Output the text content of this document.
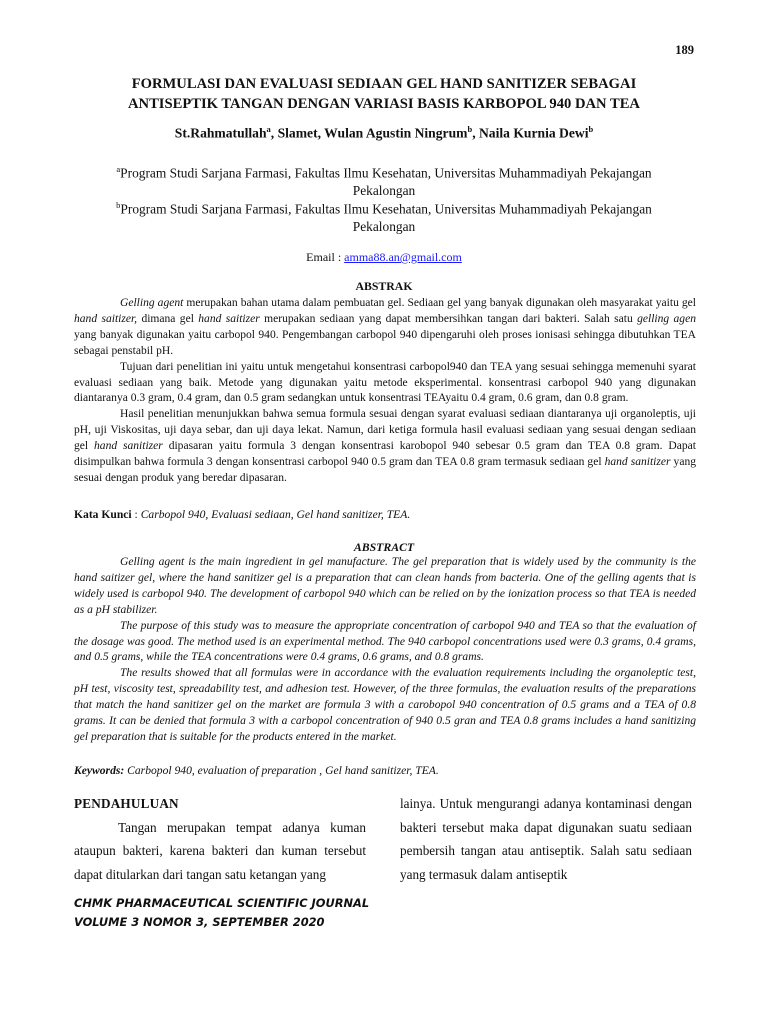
189
FORMULASI DAN EVALUASI SEDIAAN GEL HAND SANITIZER SEBAGAI
ANTISEPTIK TANGAN DENGAN VARIASI BASIS KARBOPOL 940 DAN TEA
St.Rahmatullah$^a$, Slamet, Wulan Agustin Ningrum$^b$, Naila Kurnia Dewi$^b$
$^a$Program Studi Sarjana Farmasi, Fakultas Ilmu Kesehatan, Universitas Muhammadiyah Pekajangan
Pekalongan
$^b$Program Studi Sarjana Farmasi, Fakultas Ilmu Kesehatan, Universitas Muhammadiyah Pekajangan
Pekalongan
Email : amma88.an@gmail.com
ABSTRAK

Gelling agent merupakan bahan utama dalam pembuatan gel. Sediaan gel yang banyak digunakan oleh masyarakat yaitu gel hand saitizer, dimana gel hand saitizer merupakan sediaan yang dapat membersihkan tangan dari bakteri. Salah satu gelling agen yang banyak digunakan yaitu carbopol 940. Pengembangan carbopol 940 dipengaruhi oleh proses ionisasi sehingga dibutuhkan TEA sebagai penstabil pH.

Tujuan dari penelitian ini yaitu untuk mengetahui konsentrasi carbopol940 dan TEA yang sesuai sehingga memenuhi syarat evaluasi sediaan yang baik. Metode yang digunakan yaitu metode eksperimental. konsentrasi carbopol 940 yang digunakan diantaranya 0.3 gram, 0.4 gram, dan 0.5 gram sedangkan untuk konsentrasi TEAyaitu 0.4 gram, 0.6 gram, dan 0.8 gram.

Hasil penelitian menunjukkan bahwa semua formula sesuai dengan syarat evaluasi sediaan diantaranya uji organoleptis, uji pH, uji Viskositas, uji daya sebar, dan uji daya lekat. Namun, dari ketiga formula hasil evaluasi sediaan yang sesuai dengan sediaan gel hand sanitizer dipasaran yaitu formula 3 dengan konsentrasi karobopol 940 sebesar 0.5 gram dan TEA 0.8 gram. Dapat disimpulkan bahwa formula 3 dengan konsentrasi carbopol 940 0.5 gram dan TEA 0.8 gram termasuk sediaan gel hand sanitizer yang sesuai dengan produk yang beredar dipasaran.

Kata Kunci : Carbopol 940, Evaluasi sediaan, Gel hand sanitizer, TEA.
ABSTRACT

Gelling agent is the main ingredient in gel manufacture. The gel preparation that is widely used by the community is the hand saitizer gel, where the hand sanitizer gel is a preparation that can clean hands from bacteria. One of the gelling agents that is widely used is carbopol 940. The development of carbopol 940 which can be relied on by the ionization process so that TEA is needed as a pH stabilizer.

The purpose of this study was to measure the appropriate concentration of carbopol 940 and TEA so that the evaluation of the dosage was good. The method used is an experimental method. The 940 carbopol concentrations used were 0.3 grams, 0.4 grams, and 0.5 grams, while the TEA concentrations were 0.4 grams, 0.6 grams, and 0.8 grams.

The results showed that all formulas were in accordance with the evaluation requirements including the organoleptic test, pH test, viscosity test, spreadability test, and adhesion test. However, of the three formulas, the evaluation results of the preparations that match the hand sanitizer gel on the market are formula 3 with a carobopol 940 concentration of 0.5 grams and a TEA of 0.8 grams. It can be denied that formula 3 with a carbopol concentration of 940 0.5 gran and TEA 0.8 grams includes a hand sanitizing gel preparation that is suitable for the products entered in the market.

Keywords: Carbopol 940, evaluation of preparation , Gel hand sanitizer, TEA.
PENDAHULUAN

Tangan merupakan tempat adanya kuman ataupun bakteri, karena bakteri dan kuman tersebut dapat ditularkan dari tangan satu ketangan yang

lainya. Untuk mengurangi adanya kontaminasi dengan bakteri tersebut maka dapat digunakan suatu sediaan pembersih tangan atau antiseptik. Salah satu sediaan yang termasuk dalam antiseptik

CHMK PHARMACEUTICAL SCIENTIFIC JOURNAL
VOLUME 3 NOMOR 3, SEPTEMBER 2020
